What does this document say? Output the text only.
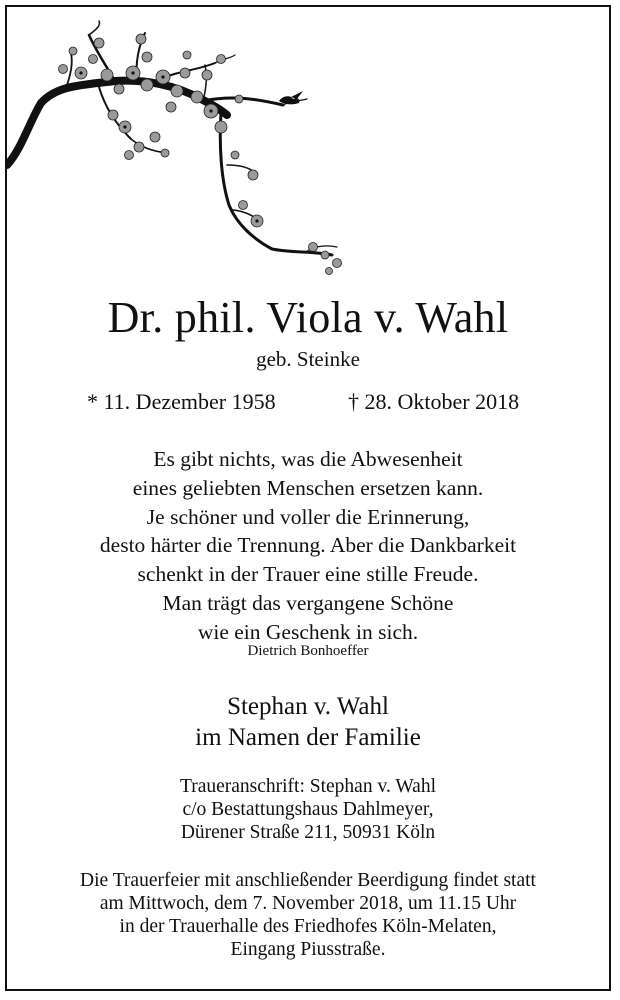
Dr. phil. Viola v. Wahl
geb. Steinke
* 11. Dezember 1958	† 28. Oktober 2018
Es gibt nichts, was die Abwesenheit
eines geliebten Menschen ersetzen kann.
Je schöner und voller die Erinnerung,
desto härter die Trennung. Aber die Dankbarkeit
schenkt in der Trauer eine stille Freude.
Man trägt das vergangene Schöne
wie ein Geschenk in sich.
Dietrich Bonhoeffer
Stephan v. Wahl
im Namen der Familie
Traueranschrift: Stephan v. Wahl
c/o Bestattungshaus Dahlmeyer,
Dürener Straße 211, 50931 Köln
Die Trauerfeier mit anschließender Beerdigung findet statt
am Mittwoch, dem 7. November 2018, um 11.15 Uhr
in der Trauerhalle des Friedhofes Köln-Melaten,
Eingang Piusstraße.
